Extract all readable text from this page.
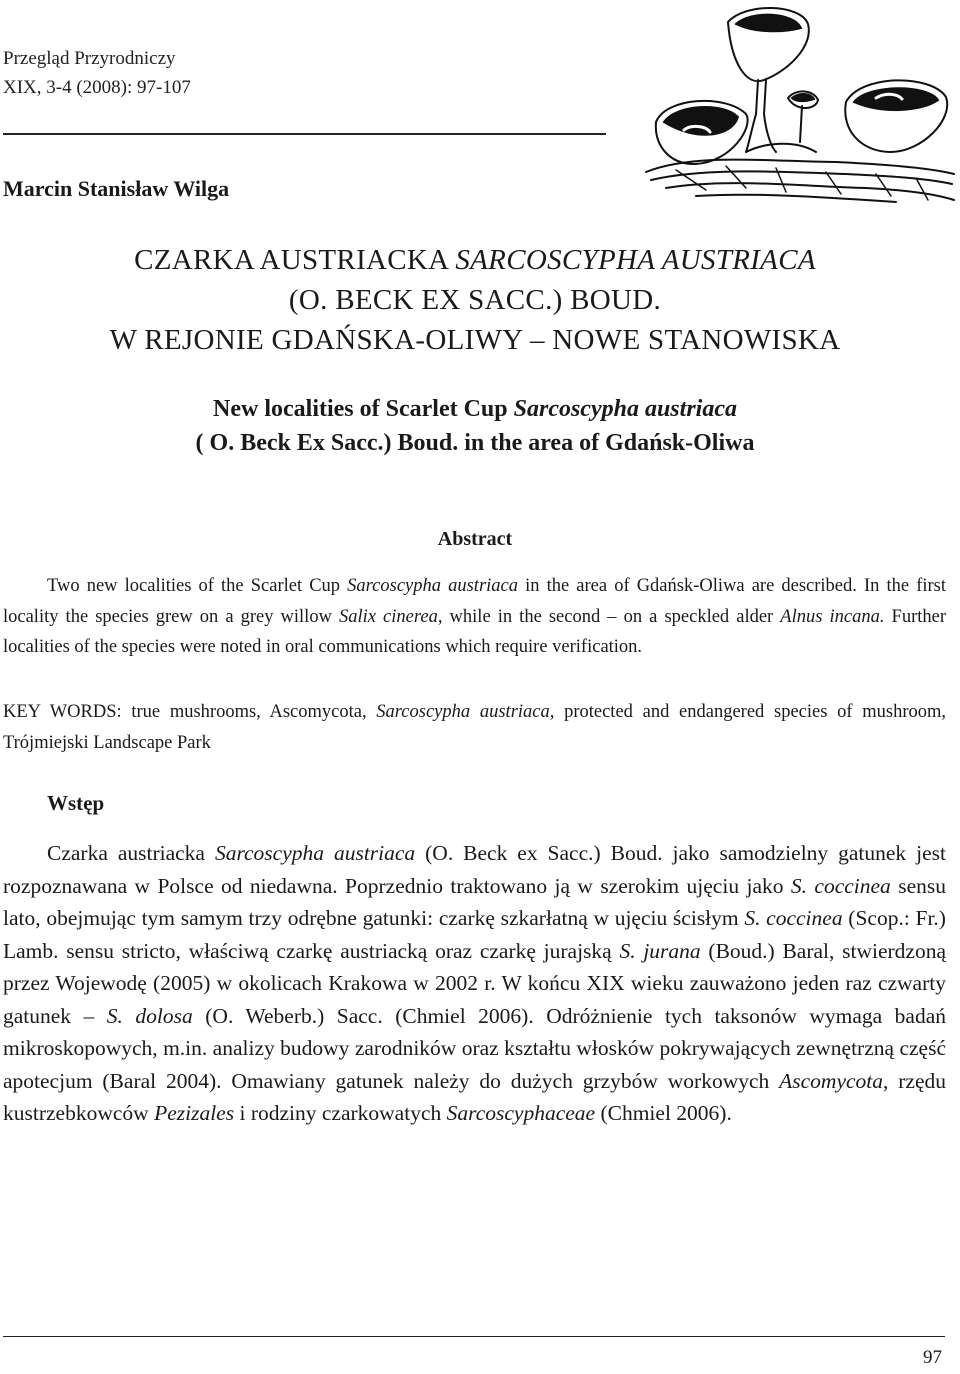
Przegląd Przyrodniczy
XIX, 3-4 (2008): 97-107
Marcin Stanisław Wilga
CZARKA AUSTRIACKA SARCOSCYPHA AUSTRIACA
(O. BECK EX SACC.) BOUD.
W REJONIE GDAŃSKA-OLIWY – NOWE STANOWISKA
New localities of Scarlet Cup Sarcoscypha austriaca
( O. Beck Ex Sacc.) Boud. in the area of Gdańsk-Oliwa
Abstract
Two new localities of the Scarlet Cup Sarcoscypha austriaca in the area of Gdańsk-Oliwa are described. In the first locality the species grew on a grey willow Salix cinerea, while in the second – on a speckled alder Alnus incana. Further localities of the species were noted in oral communications which require verification.
KEY WORDS: true mushrooms, Ascomycota, Sarcoscypha austriaca, protected and endangered species of mushroom, Trójmiejski Landscape Park
Wstęp
Czarka austriacka Sarcoscypha austriaca (O. Beck ex Sacc.) Boud. jako samodzielny gatunek jest rozpoznawana w Polsce od niedawna. Poprzednio traktowano ją w szerokim ujęciu jako S. coccinea sensu lato, obejmując tym samym trzy odrębne gatunki: czarkę szkarłatną w ujęciu ścisłym S. coccinea (Scop.: Fr.) Lamb. sensu stricto, właściwą czarkę austriacką oraz czarkę jurajską S. jurana (Boud.) Baral, stwierdzoną przez Wojewodę (2005) w okolicach Krakowa w 2002 r. W końcu XIX wieku zauważono jeden raz czwarty gatunek – S. dolosa (O. Weberb.) Sacc. (Chmiel 2006). Odróżnienie tych taksonów wymaga badań mikroskopowych, m.in. analizy budowy zarodników oraz kształtu włosków pokrywających zewnętrzną część apotecjum (Baral 2004). Omawiany gatunek należy do dużych grzybów workowych Ascomycota, rzędu kustrzebkowców Pezizales i rodziny czarkowatych Sarcoscyphaceae (Chmiel 2006).
97
